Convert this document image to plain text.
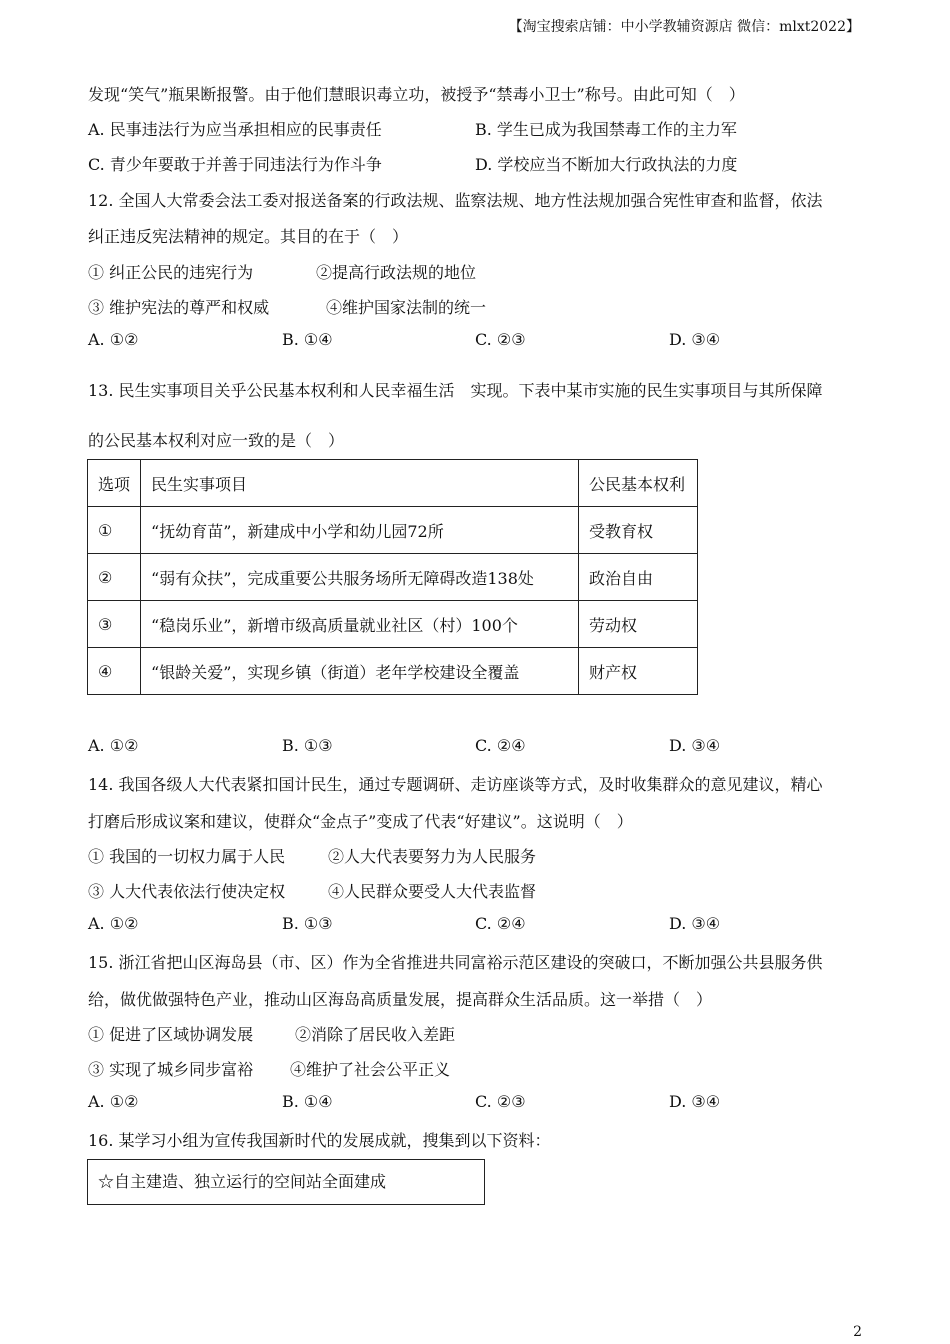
【淘宝搜索店铺：中小学教辅资源店 微信：mlxt2022】
发现“笑气”瓶果断报警。由于他们慧眼识毒立功，被授予“禁毒小卫士”称号。由此可知（　）
A. 民事违法行为应当承担相应的民事责任	B. 学生已成为我国禁毒工作的主力军
C. 青少年要敢于并善于同违法行为作斗争	D. 学校应当不断加大行政执法的力度
12. 全国人大常委会法工委对报送备案的行政法规、监察法规、地方性法规加强合宪性审查和监督，依法
纠正违反宪法精神的规定。其目的在于（　）
① 纠正公民的违宪行为	②提高行政法规的地位
③ 维护宪法的尊严和权威	④维护国家法制的统一
A. ①②	B. ①④	C. ②③	D. ③④
13. 民生实事项目关乎公民基本权利和人民幸福生活　实现。下表中某市实施的民生实事项目与其所保障
的公民基本权利对应一致的是（　）
选项	民生实事项目	公民基本权利
①	“抚幼育苗”，新建成中小学和幼儿园72所	受教育权
②	“弱有众扶”，完成重要公共服务场所无障碍改造138处	政治自由
③	“稳岗乐业”，新增市级高质量就业社区（村）100个	劳动权
④	“银龄关爱”，实现乡镇（街道）老年学校建设全覆盖	财产权
A. ①②	B. ①③	C. ②④	D. ③④
14. 我国各级人大代表紧扣国计民生，通过专题调研、走访座谈等方式，及时收集群众的意见建议，精心
打磨后形成议案和建议，使群众“金点子”变成了代表“好建议”。这说明（　）
① 我国的一切权力属于人民	②人大代表要努力为人民服务
③ 人大代表依法行使决定权	④人民群众要受人大代表监督
A. ①②	B. ①③	C. ②④	D. ③④
15. 浙江省把山区海岛县（市、区）作为全省推进共同富裕示范区建设的突破口，不断加强公共县服务供
给，做优做强特色产业，推动山区海岛高质量发展，提高群众生活品质。这一举措（　）
① 促进了区域协调发展	②消除了居民收入差距
③ 实现了城乡同步富裕 ④维护了社会公平正义
A. ①②	B. ①④	C. ②③	D. ③④
16. 某学习小组为宣传我国新时代的发展成就，搜集到以下资料：
☆自主建造、独立运行的空间站全面建成
2
